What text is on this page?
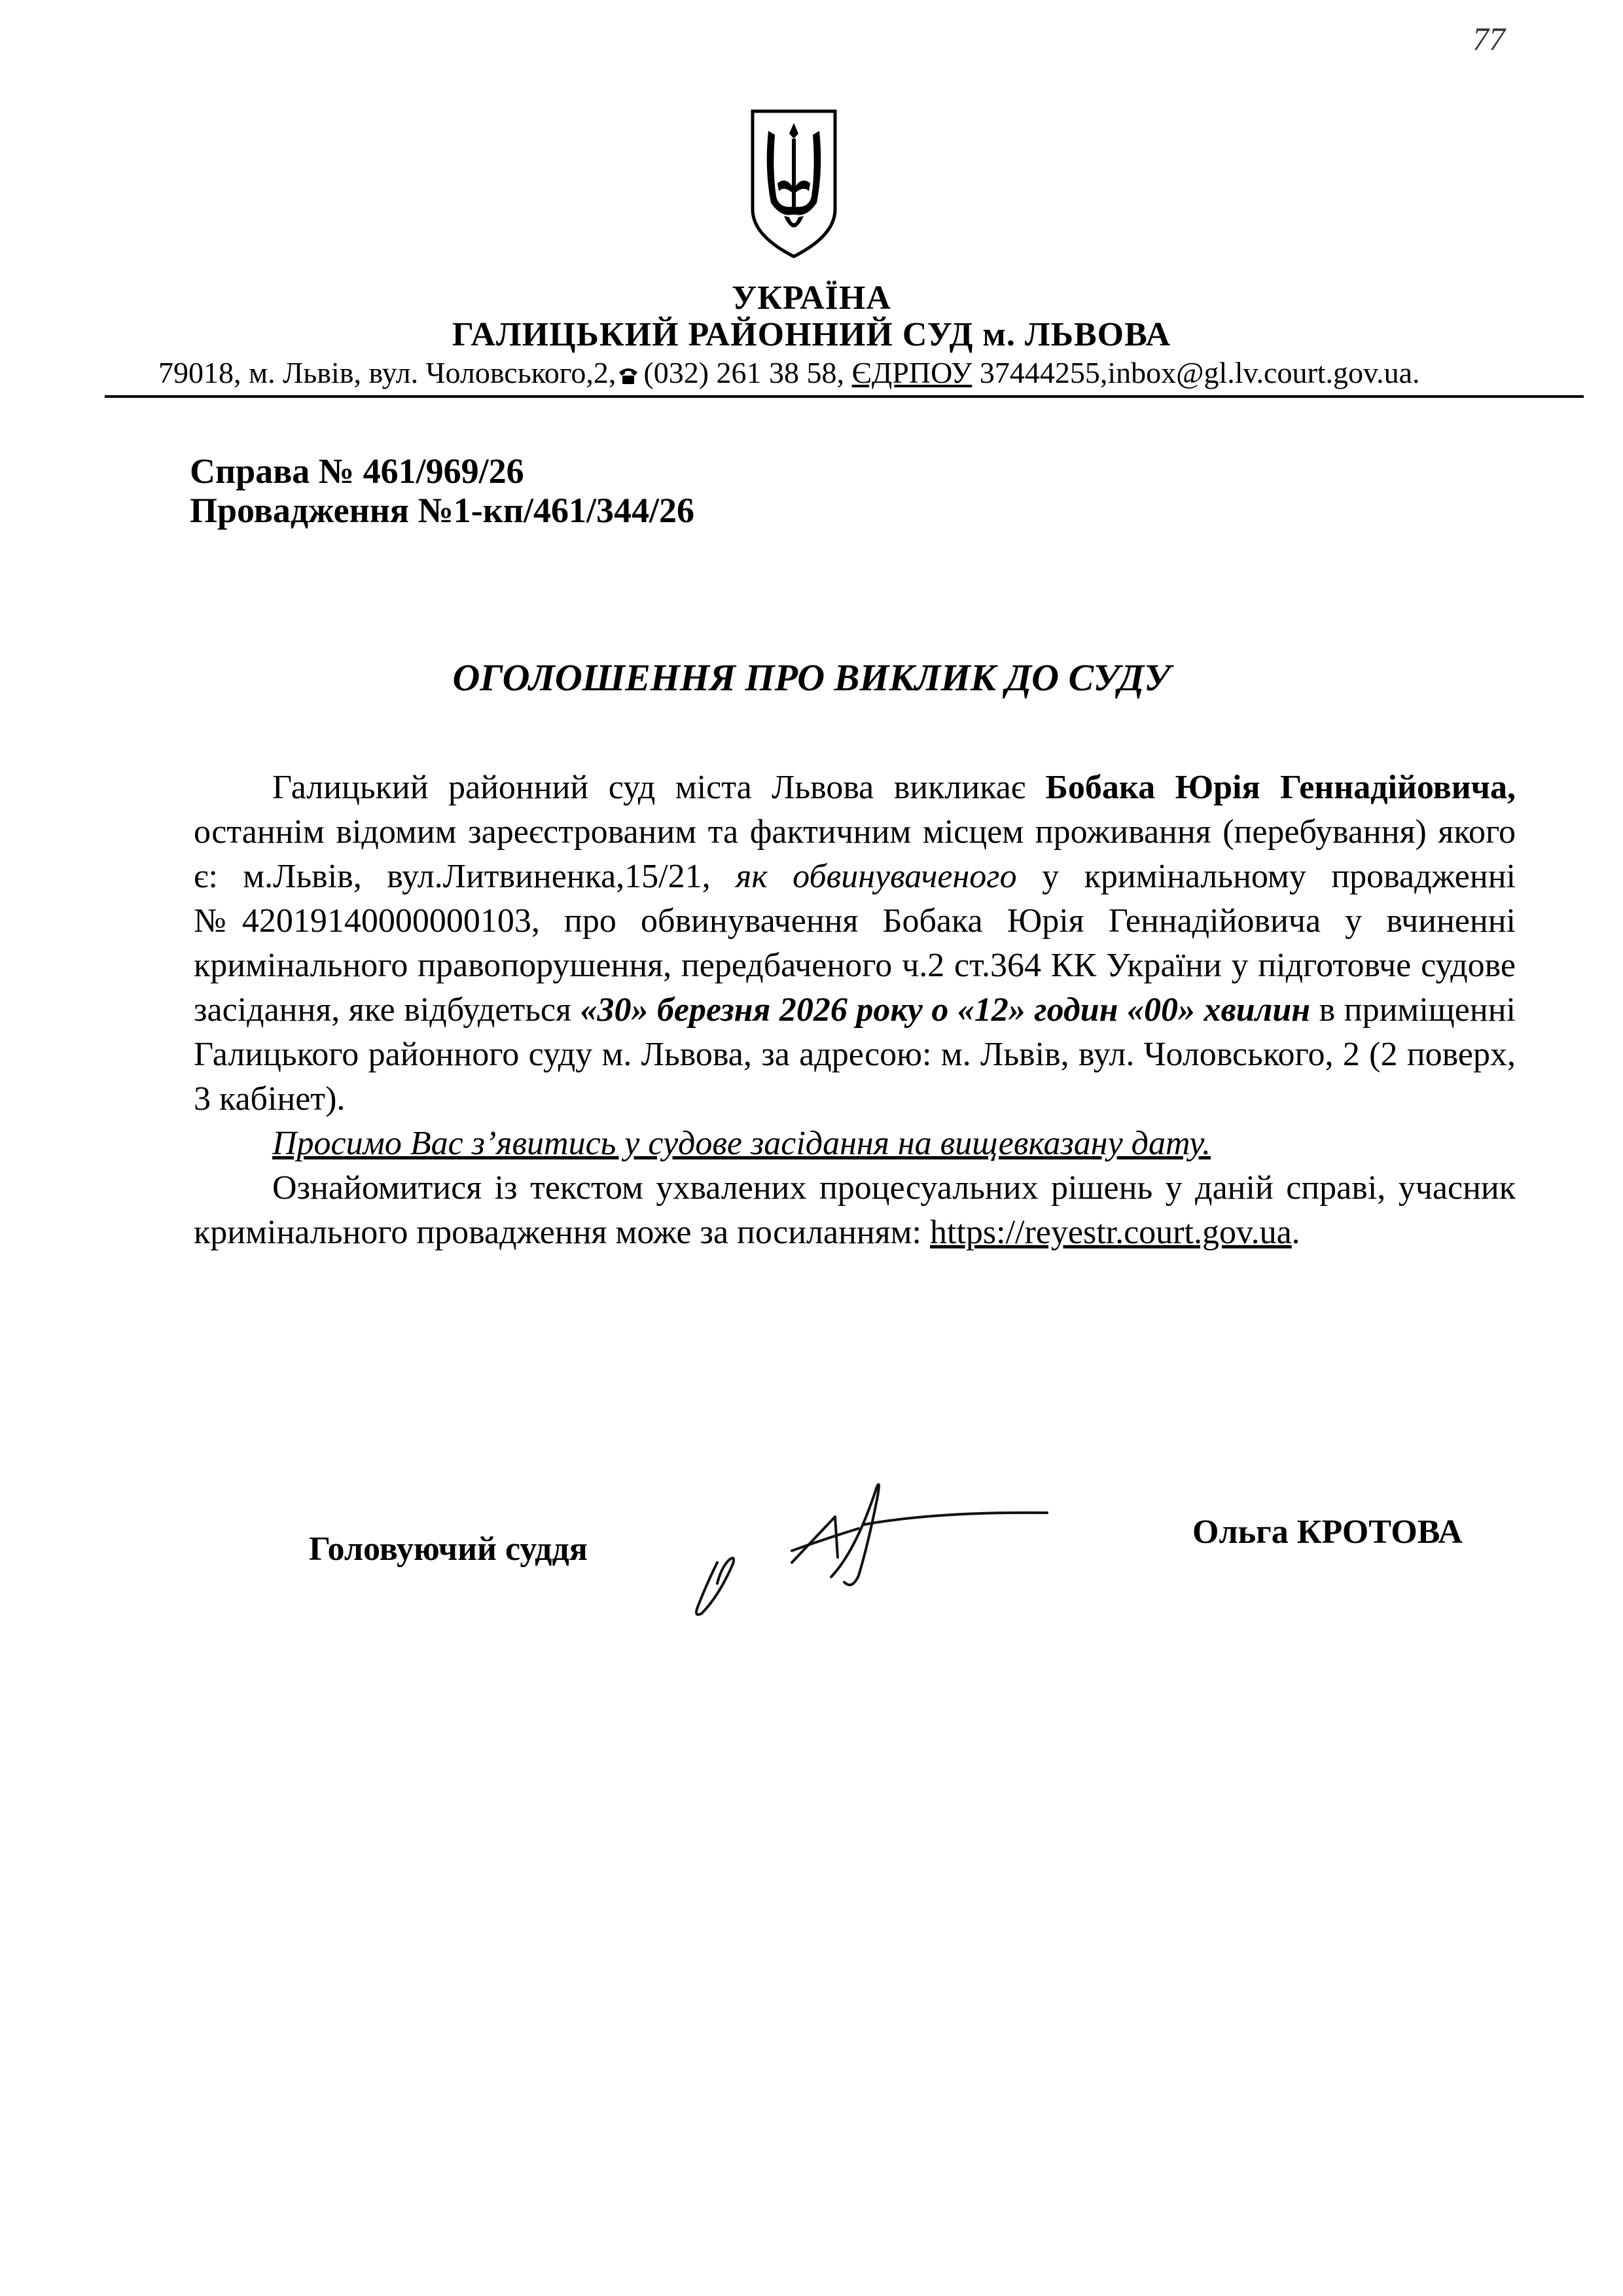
77
УКРАЇНА
ГАЛИЦЬКИЙ РАЙОННИЙ СУД м. ЛЬВОВА
79018, м. Львів, вул. Чоловського,2, (032) 261 38 58, ЄДРПОУ 37444255,inbox@gl.lv.court.gov.ua.
Справа № 461/969/26
Провадження №1-кп/461/344/26
ОГОЛОШЕННЯ ПРО ВИКЛИК ДО СУДУ

Галицький районний суд міста Львова викликає Бобака Юрія Геннадійовича, останнім відомим зареєстрованим та фактичним місцем проживання (перебування) якого є: м.Львів, вул.Литвиненка,15/21, як обвинуваченого у кримінальному провадженні №42019140000000103, про обвинувачення Бобака Юрія Геннадійовича у вчиненні кримінального правопорушення, передбаченого ч.2 ст.364 КК України у підготовче судове засідання, яке відбудеться «30» березня 2026 року о «12» годин «00» хвилин в приміщенні Галицького районного суду м. Львова, за адресою: м. Львів, вул. Чоловського, 2 (2 поверх, 3 кабінет).

Просимо Вас з’явитись у судове засідання на вищевказану дату.

Ознайомитися із текстом ухвалених процесуальних рішень у даній справі, учасник кримінального провадження може за посиланням: https://reyestr.court.gov.ua.

Головуючий суддя	Ольга КРОТОВА
